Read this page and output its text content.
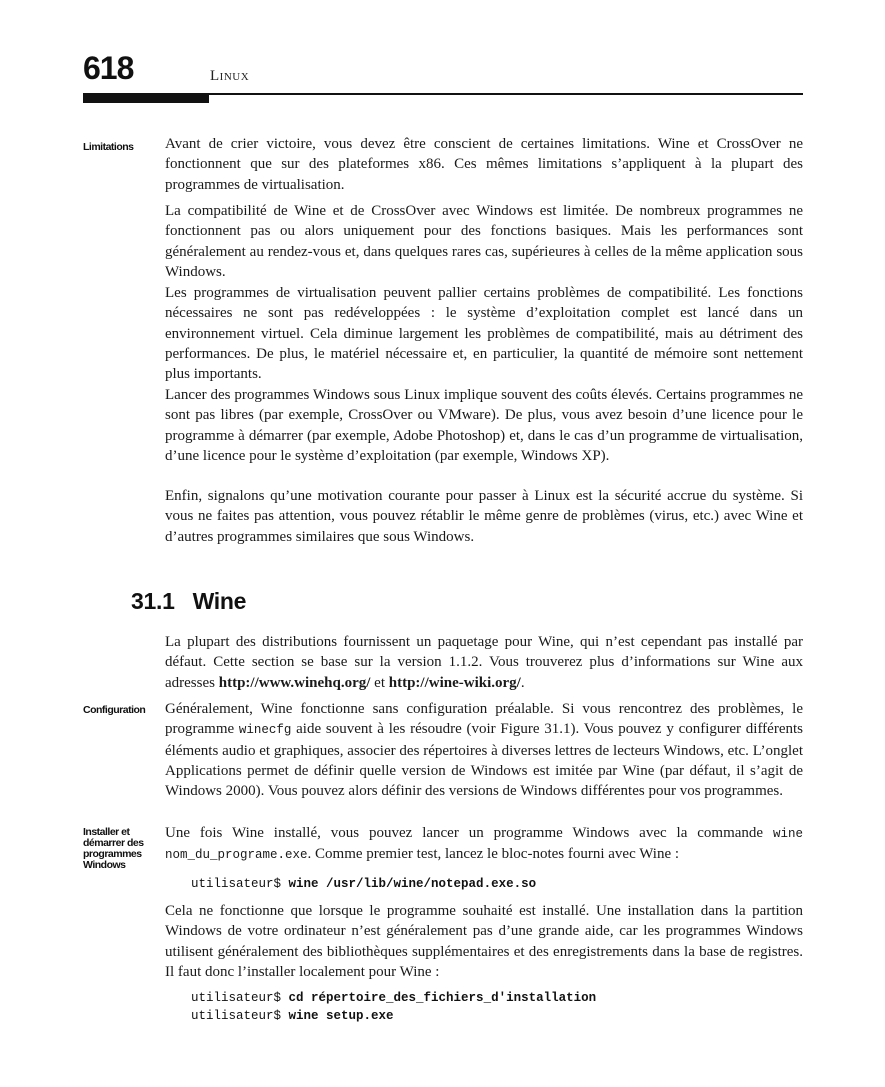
618	Linux
Limitations
Configuration
Installer et
démarrer des
programmes
Windows

Avant de crier victoire, vous devez être conscient de certaines limitations. Wine et CrossOver ne fonctionnent que sur des plateformes x86. Ces mêmes limitations s’appliquent à la plupart des programmes de virtualisation.

La compatibilité de Wine et de CrossOver avec Windows est limitée. De nombreux programmes ne fonctionnent pas ou alors uniquement pour des fonctions basiques. Mais les performances sont généralement au rendez-vous et, dans quelques rares cas, supérieures à celles de la même application sous Windows.

Les programmes de virtualisation peuvent pallier certains problèmes de compatibilité. Les fonctions nécessaires ne sont pas redéveloppées : le système d’exploitation complet est lancé dans un environnement virtuel. Cela diminue largement les problèmes de compatibilité, mais au détriment des performances. De plus, le matériel nécessaire et, en particulier, la quantité de mémoire sont nettement plus importants.

Lancer des programmes Windows sous Linux implique souvent des coûts élevés. Certains programmes ne sont pas libres (par exemple, CrossOver ou VMware). De plus, vous avez besoin d’une licence pour le programme à démarrer (par exemple, Adobe Photoshop) et, dans le cas d’un programme de virtualisation, d’une licence pour le système d’exploitation (par exemple, Windows XP).

Enfin, signalons qu’une motivation courante pour passer à Linux est la sécurité accrue du système. Si vous ne faites pas attention, vous pouvez rétablir le même genre de problèmes (virus, etc.) avec Wine et d’autres programmes similaires que sous Windows.

31.1 Wine

La plupart des distributions fournissent un paquetage pour Wine, qui n’est cependant pas installé par défaut. Cette section se base sur la version 1.1.2. Vous trouverez plus d’informations sur Wine aux adresses http://www.winehq.org/ et http://wine-wiki.org/.

Généralement, Wine fonctionne sans configuration préalable. Si vous rencontrez des problèmes, le programme winecfg aide souvent à les résoudre (voir Figure 31.1). Vous pouvez y configurer différents éléments audio et graphiques, associer des répertoires à diverses lettres de lecteurs Windows, etc. L’onglet Applications permet de définir quelle version de Windows est imitée par Wine (par défaut, il s’agit de Windows 2000). Vous pouvez alors définir des versions de Windows différentes pour vos programmes.

Une fois Wine installé, vous pouvez lancer un programme Windows avec la commande wine nom_du_programe.exe. Comme premier test, lancez le bloc-notes fourni avec Wine :

utilisateur$ wine /usr/lib/wine/notepad.exe.so

Cela ne fonctionne que lorsque le programme souhaité est installé. Une installation dans la partition Windows de votre ordinateur n’est généralement pas d’une grande aide, car les programmes Windows utilisent généralement des bibliothèques supplémentaires et des enregistrements dans la base de registres. Il faut donc l’installer localement pour Wine :

utilisateur$ cd répertoire_des_fichiers_d'installation
utilisateur$ wine setup.exe
